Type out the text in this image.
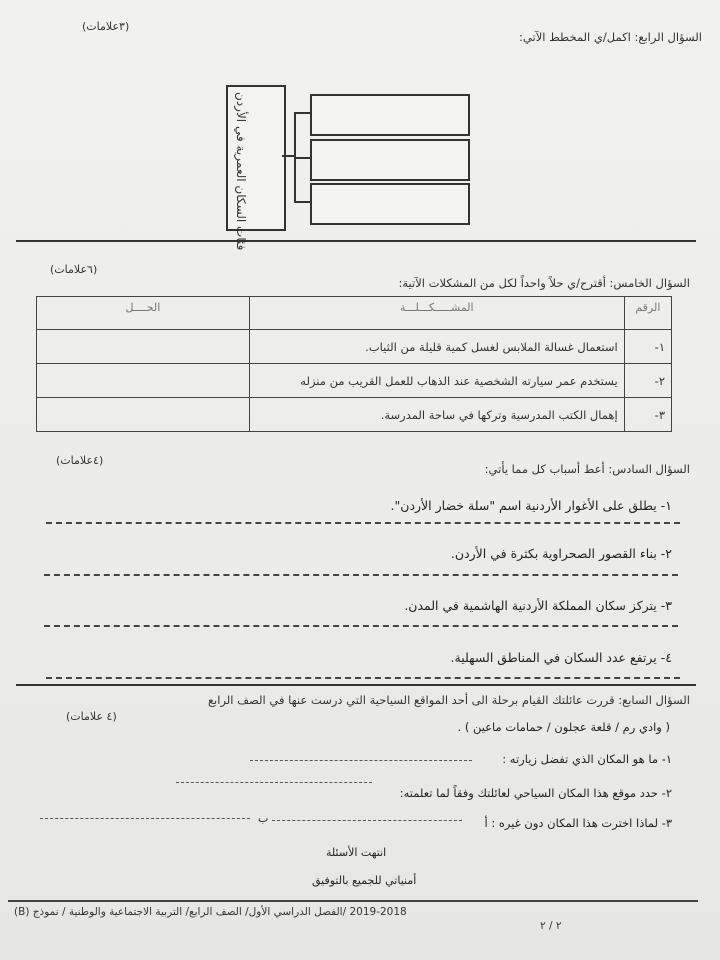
(٣علامات)
السؤال الرابع: اكمل/ي المخطط الآتي:
فئات السكان العمرية في الأردن
(٦علامات)
السؤال الخامس: أقترح/ي حلاً واحداً لكل من المشكلات الآتية:
الرقم	المشـــــكـــلـــة	الحــــل
١-	استعمال غسالة الملابس لغسل كمية قليلة من الثياب.	
٢-	يستخدم عمر سيارته الشخصية عند الذهاب للعمل القريب من منزله	
٣-	إهمال الكتب المدرسية وتركها في ساحة المدرسة.	
(٤علامات)
السؤال السادس: أعط أسباب كل مما يأتي:
١- يطلق على الأغوار الأردنية اسم "سلة خضار الأردن".
٢- بناء القصور الصحراوية بكثرة في الأردن.
٣- يتركز سكان المملكة الأردنية الهاشمية في المدن.
٤- يرتفع عدد السكان في المناطق السهلية.
(٤ علامات)
السؤال السابع: قررت عائلتك القيام برحلة الى أحد المواقع السياحية التي درست عنها في الصف الرابع
( وادي رم / قلعة عجلون / حمامات ماعين ) .
١- ما هو المكان الذي تفضل زيارته :
٢- حدد موقع هذا المكان السياحي لعائلتك وفقاً لما تعلمته:
٣- لماذا اخترت هذا المكان دون غيره : أ
ب
انتهت الأسئلة
أمنياتي للجميع بالتوفيق
2019-2018 /الفصل الدراسي الأول/ الصف الرابع/ التربية الاجتماعية والوطنية / نموذج (B)
٢ / ٢
